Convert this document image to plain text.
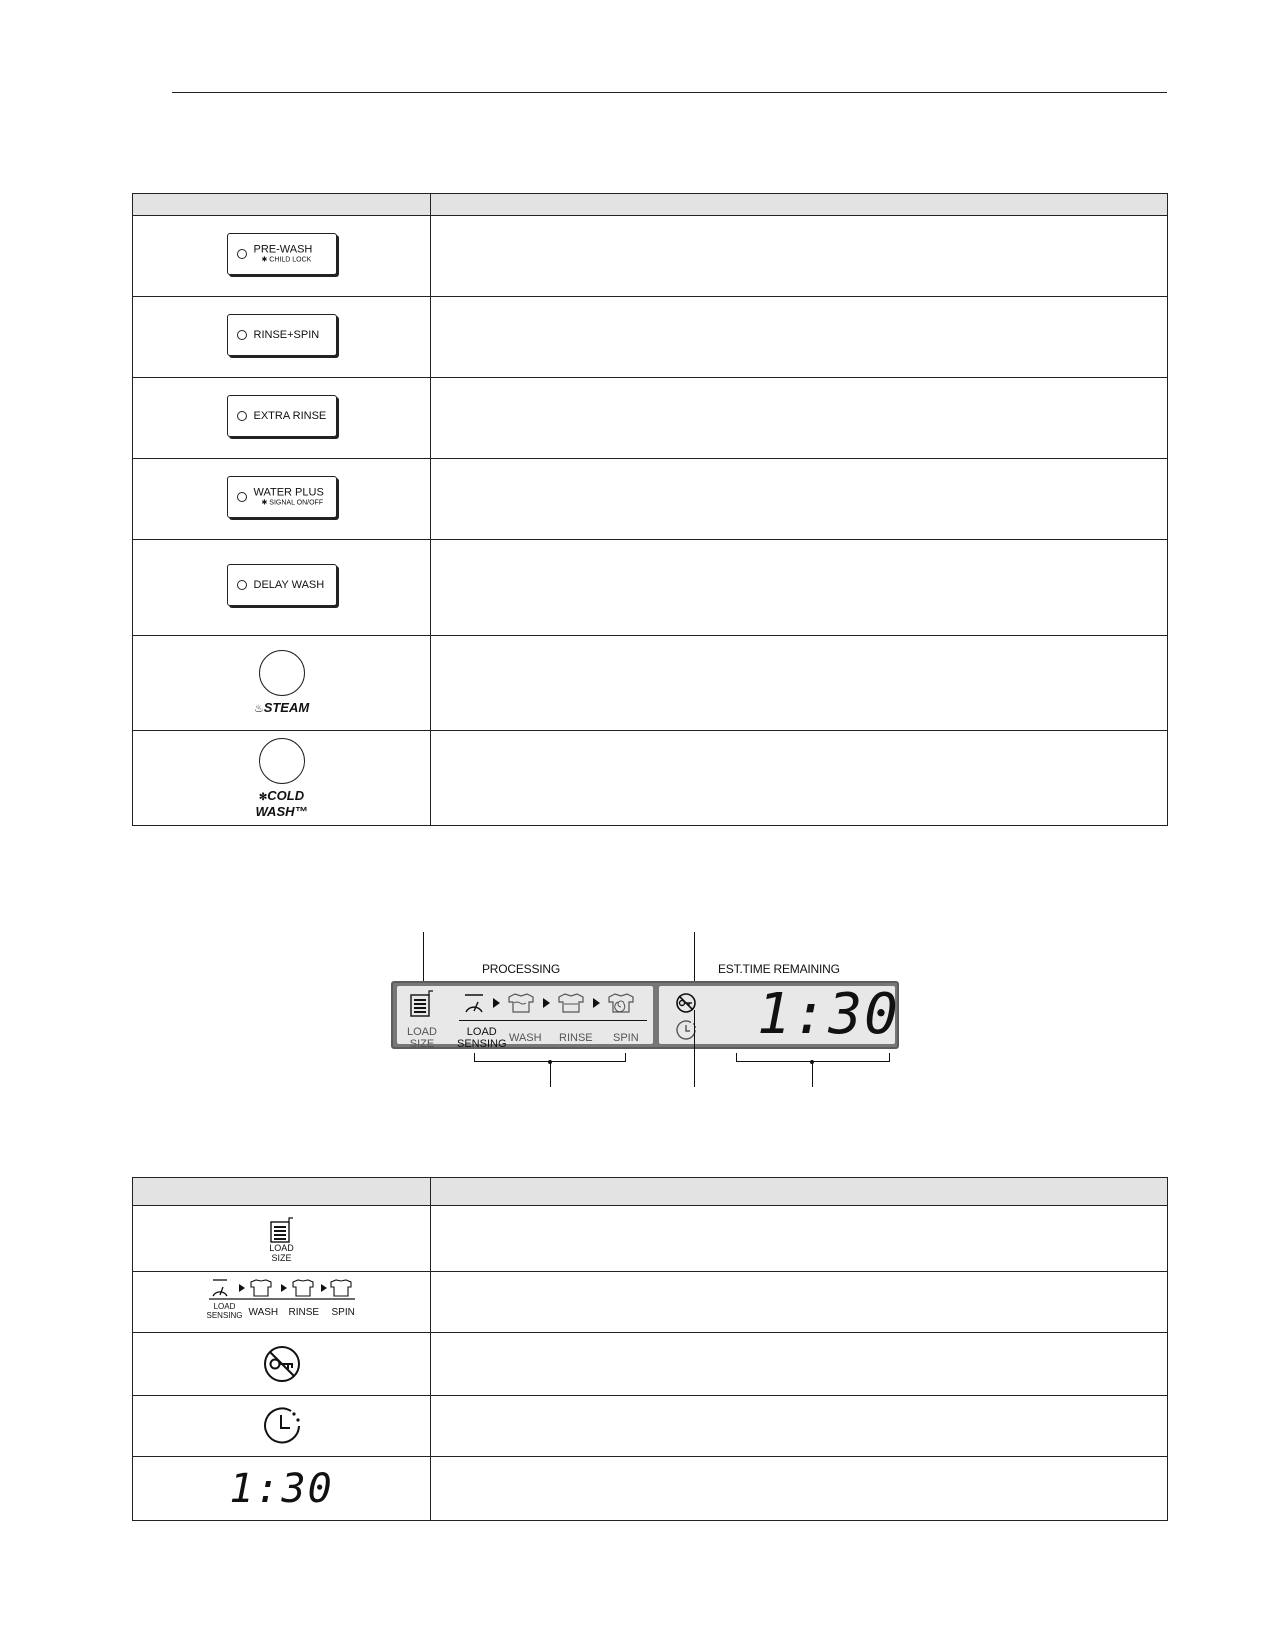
PRE-WASH
✱ CHILD LOCK	

RINSE+SPIN	

EXTRA RINSE	

WATER PLUS
✱ SIGNAL ON/OFF	

DELAY WASH	

♨STEAM	

✻COLD
WASH™	

PROCESSING	EST.TIME REMAINING
LOAD
SIZE
LOAD
SENSING WASH RINSE SPIN 1:30

LOAD
SIZE	

LOAD
SENSING WASH RINSE SPIN	

1:30	
